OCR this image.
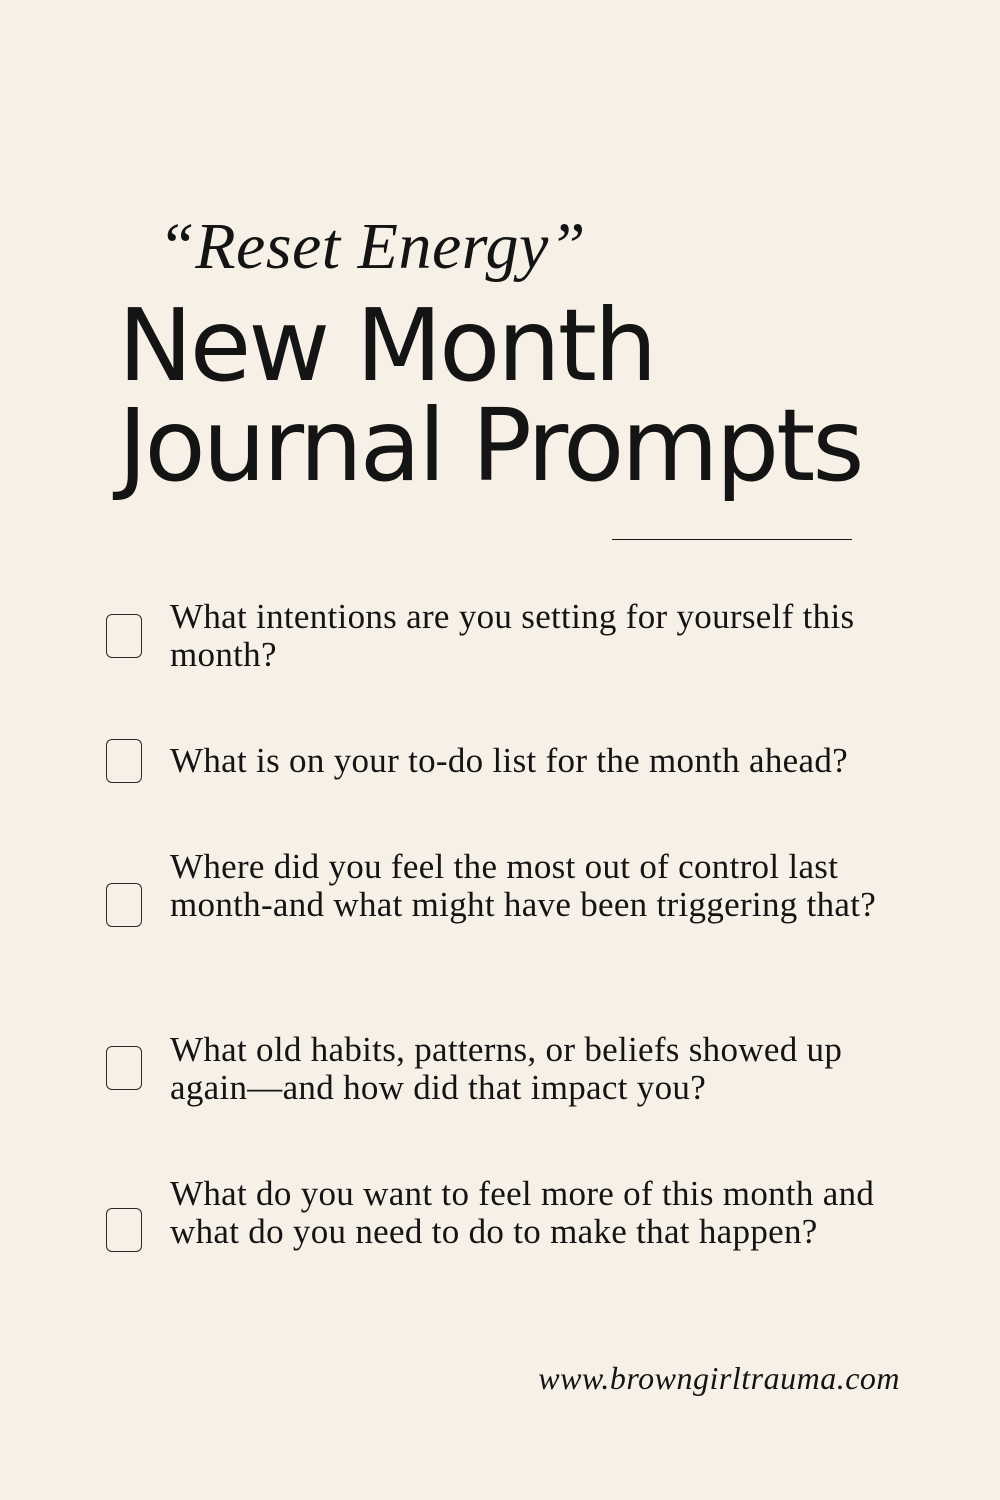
“Reset Energy”
New Month
Journal Prompts
What intentions are you setting for yourself this month?
What is on your to-do list for the month ahead?
Where did you feel the most out of control last month-and what might have been triggering that?
What old habits, patterns, or beliefs showed up again—and how did that impact you?
What do you want to feel more of this month and what do you need to do to make that happen?
www.browngirltrauma.com
